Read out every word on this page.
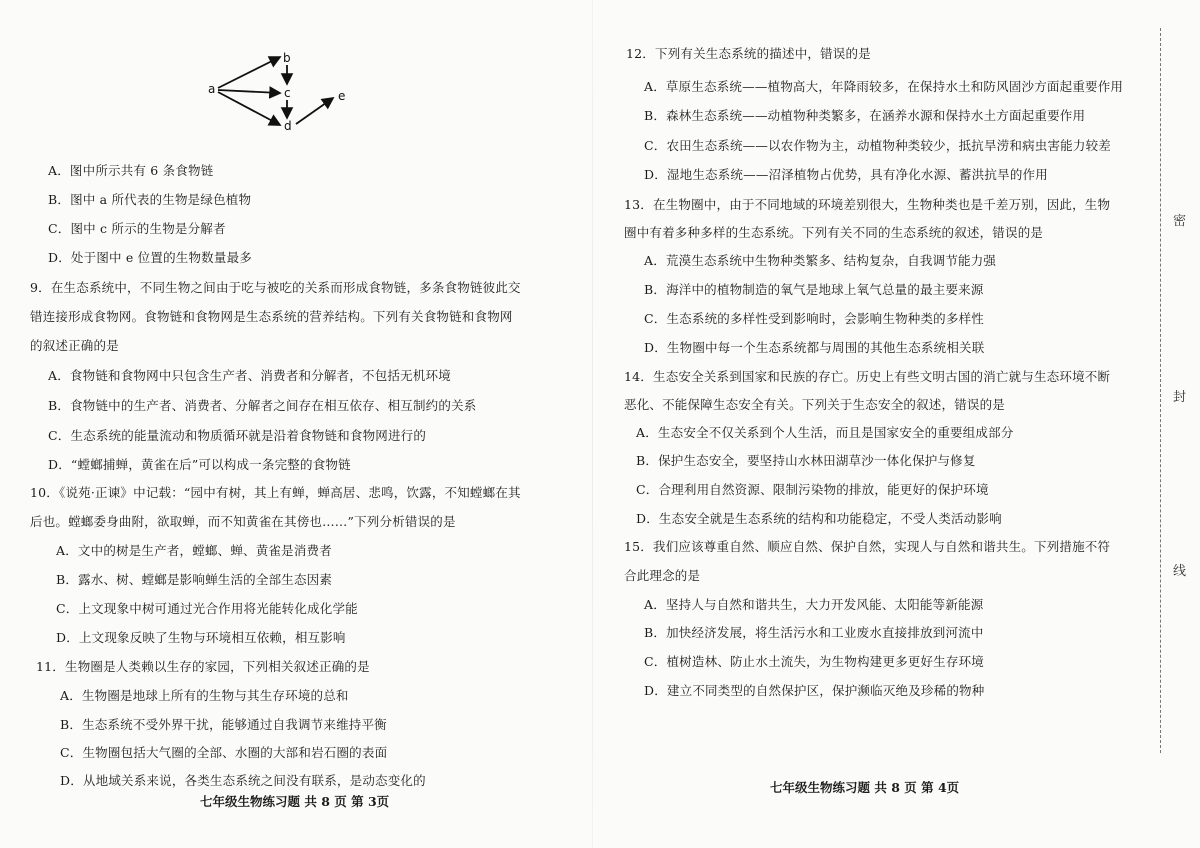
a
b
c
d
e
A．图中所示共有 6 条食物链
B．图中 a 所代表的生物是绿色植物
C．图中 c 所示的生物是分解者
D．处于图中 e 位置的生物数量最多
9．在生态系统中，不同生物之间由于吃与被吃的关系而形成食物链，多条食物链彼此交
错连接形成食物网。食物链和食物网是生态系统的营养结构。下列有关食物链和食物网
的叙述正确的是
A．食物链和食物网中只包含生产者、消费者和分解者，不包括无机环境
B．食物链中的生产者、消费者、分解者之间存在相互依存、相互制约的关系
C．生态系统的能量流动和物质循环就是沿着食物链和食物网进行的
D．“螳螂捕蝉，黄雀在后”可以构成一条完整的食物链
10．《说苑·正谏》中记载：“园中有树，其上有蝉，蝉高居、悲鸣，饮露，不知螳螂在其
后也。螳螂委身曲附，欲取蝉，而不知黄雀在其傍也……”下列分析错误的是
A．文中的树是生产者，螳螂、蝉、黄雀是消费者
B．露水、树、螳螂是影响蝉生活的全部生态因素
C．上文现象中树可通过光合作用将光能转化成化学能
D．上文现象反映了生物与环境相互依赖，相互影响
11．生物圈是人类赖以生存的家园，下列相关叙述正确的是
A．生物圈是地球上所有的生物与其生存环境的总和
B．生态系统不受外界干扰，能够通过自我调节来维持平衡
C．生物圈包括大气圈的全部、水圈的大部和岩石圈的表面
D．从地域关系来说，各类生态系统之间没有联系，是动态变化的
七年级生物练习题 共 8 页 第 3页
12．下列有关生态系统的描述中，错误的是
A．草原生态系统——植物高大，年降雨较多，在保持水土和防风固沙方面起重要作用
B．森林生态系统——动植物种类繁多，在涵养水源和保持水土方面起重要作用
C．农田生态系统——以农作物为主，动植物种类较少，抵抗旱涝和病虫害能力较差
D．湿地生态系统——沼泽植物占优势，具有净化水源、蓄洪抗旱的作用
13．在生物圈中，由于不同地域的环境差别很大，生物种类也是千差万别，因此，生物
圈中有着多种多样的生态系统。下列有关不同的生态系统的叙述，错误的是
A．荒漠生态系统中生物种类繁多、结构复杂，自我调节能力强
B．海洋中的植物制造的氧气是地球上氧气总量的最主要来源
C．生态系统的多样性受到影响时，会影响生物种类的多样性
D．生物圈中每一个生态系统都与周围的其他生态系统相关联
14．生态安全关系到国家和民族的存亡。历史上有些文明古国的消亡就与生态环境不断
恶化、不能保障生态安全有关。下列关于生态安全的叙述，错误的是
A．生态安全不仅关系到个人生活，而且是国家安全的重要组成部分
B．保护生态安全，要坚持山水林田湖草沙一体化保护与修复
C．合理利用自然资源、限制污染物的排放，能更好的保护环境
D．生态安全就是生态系统的结构和功能稳定，不受人类活动影响
15．我们应该尊重自然、顺应自然、保护自然，实现人与自然和谐共生。下列措施不符
合此理念的是
A．坚持人与自然和谐共生，大力开发风能、太阳能等新能源
B．加快经济发展，将生活污水和工业废水直接排放到河流中
C．植树造林、防止水土流失，为生物构建更多更好生存环境
D．建立不同类型的自然保护区，保护濒临灭绝及珍稀的物种
七年级生物练习题 共 8 页 第 4页
密
封
线
